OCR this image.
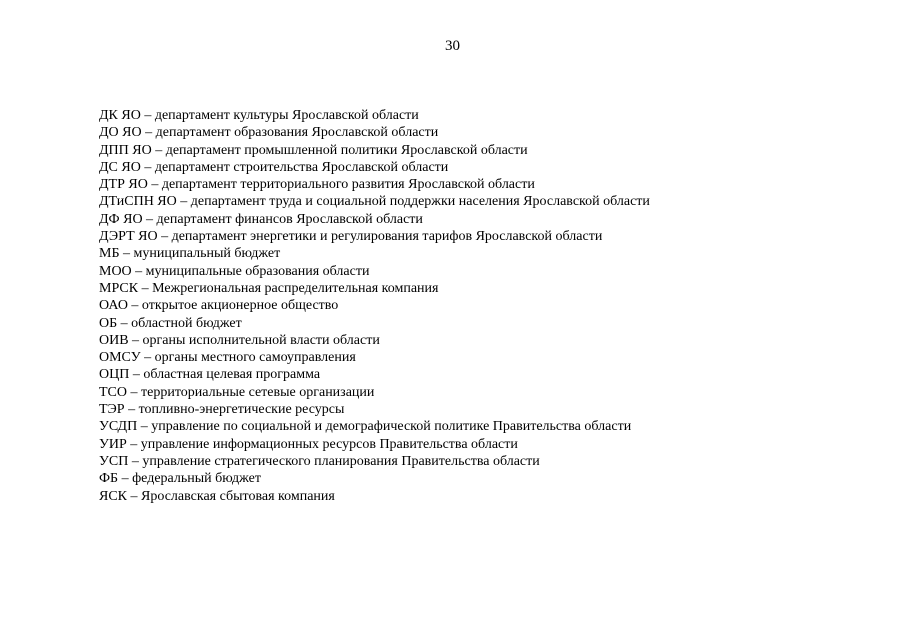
30
ДК ЯО – департамент культуры Ярославской области
ДО ЯО – департамент образования Ярославской области
ДПП ЯО – департамент промышленной политики Ярославской области
ДС ЯО – департамент строительства Ярославской области
ДТР ЯО – департамент территориального развития Ярославской области
ДТиСПН ЯО – департамент труда и социальной поддержки населения Ярославской области
ДФ ЯО – департамент финансов Ярославской области
ДЭРТ ЯО – департамент энергетики и регулирования тарифов Ярославской области
МБ – муниципальный бюджет
МОО – муниципальные образования области
МРСК – Межрегиональная распределительная компания
ОАО – открытое акционерное общество
ОБ – областной бюджет
ОИВ – органы исполнительной власти области
ОМСУ – органы местного самоуправления
ОЦП – областная целевая программа
ТСО – территориальные сетевые организации
ТЭР – топливно-энергетические ресурсы
УСДП – управление по социальной и демографической политике Правительства области
УИР – управление информационных ресурсов Правительства области
УСП – управление стратегического планирования Правительства области
ФБ – федеральный бюджет
ЯСК – Ярославская сбытовая компания
